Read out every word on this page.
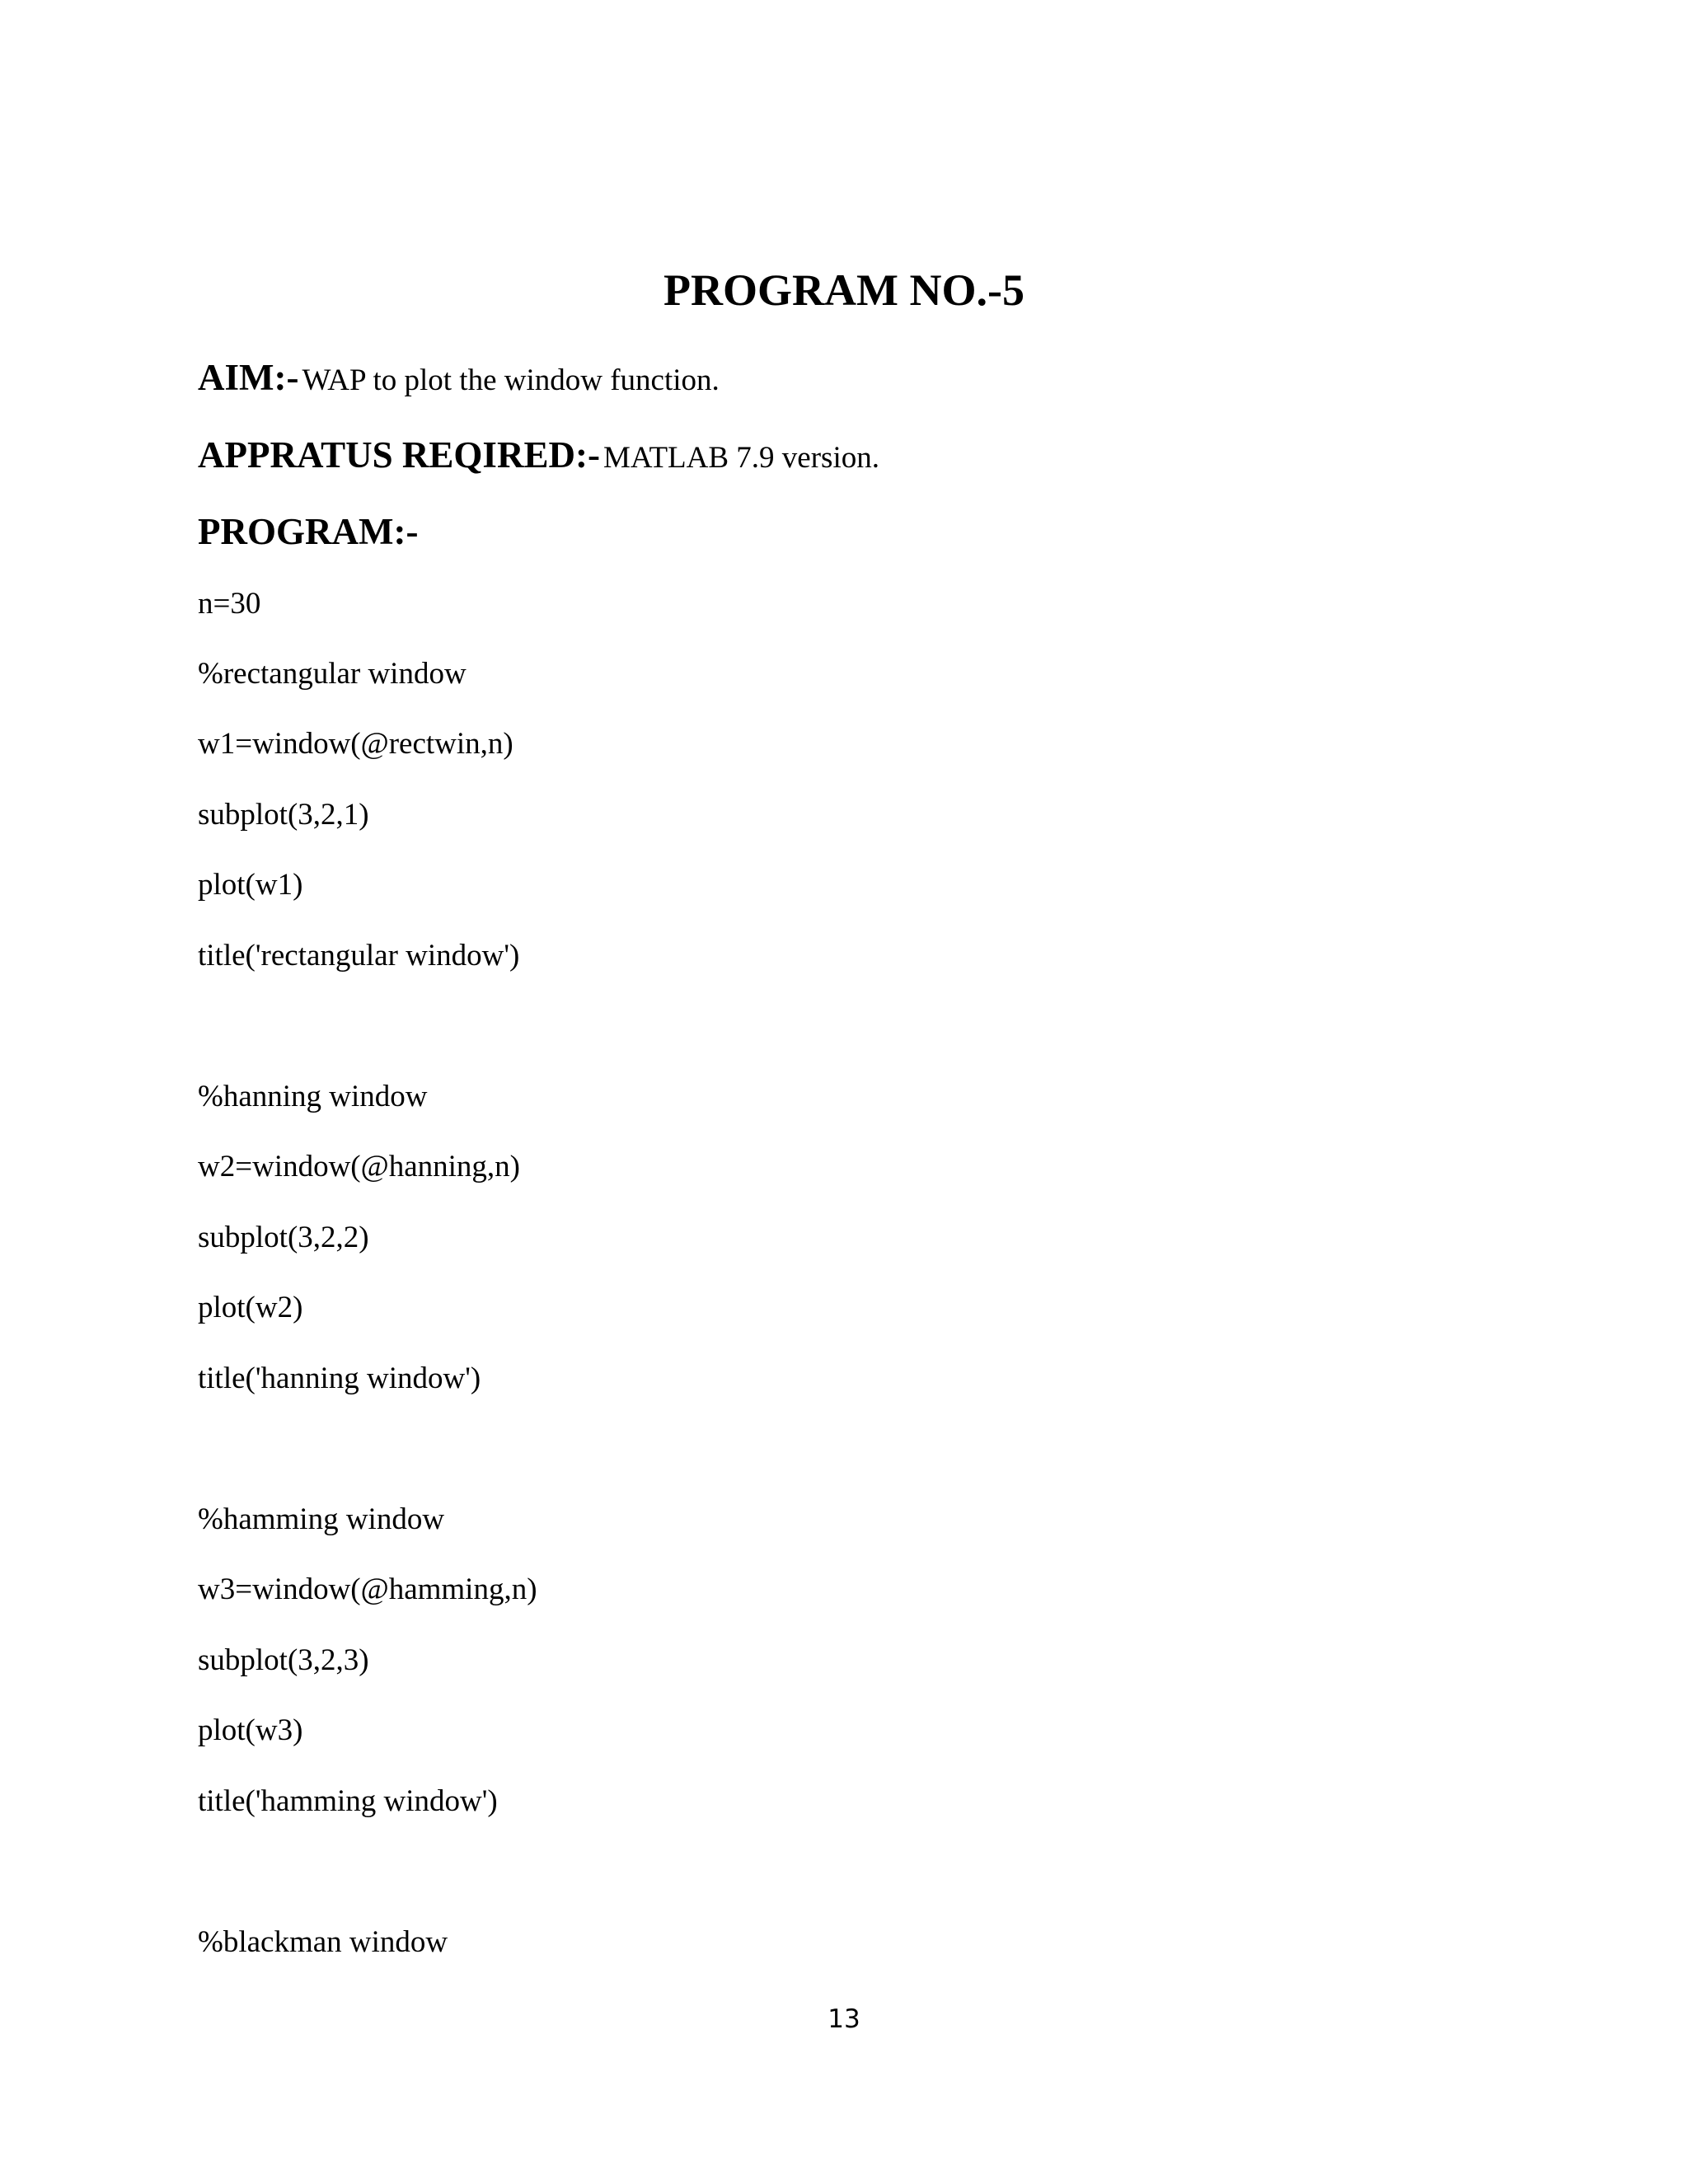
PROGRAM NO.-5
AIM:- WAP to plot the window function.
APPRATUS REQIRED:- MATLAB 7.9 version.
PROGRAM:-
n=30
%rectangular window
w1=window(@rectwin,n)
subplot(3,2,1)
plot(w1)
title('rectangular window')
%hanning window
w2=window(@hanning,n)
subplot(3,2,2)
plot(w2)
title('hanning window')
%hamming window
w3=window(@hamming,n)
subplot(3,2,3)
plot(w3)
title('hamming window')
%blackman window
13
